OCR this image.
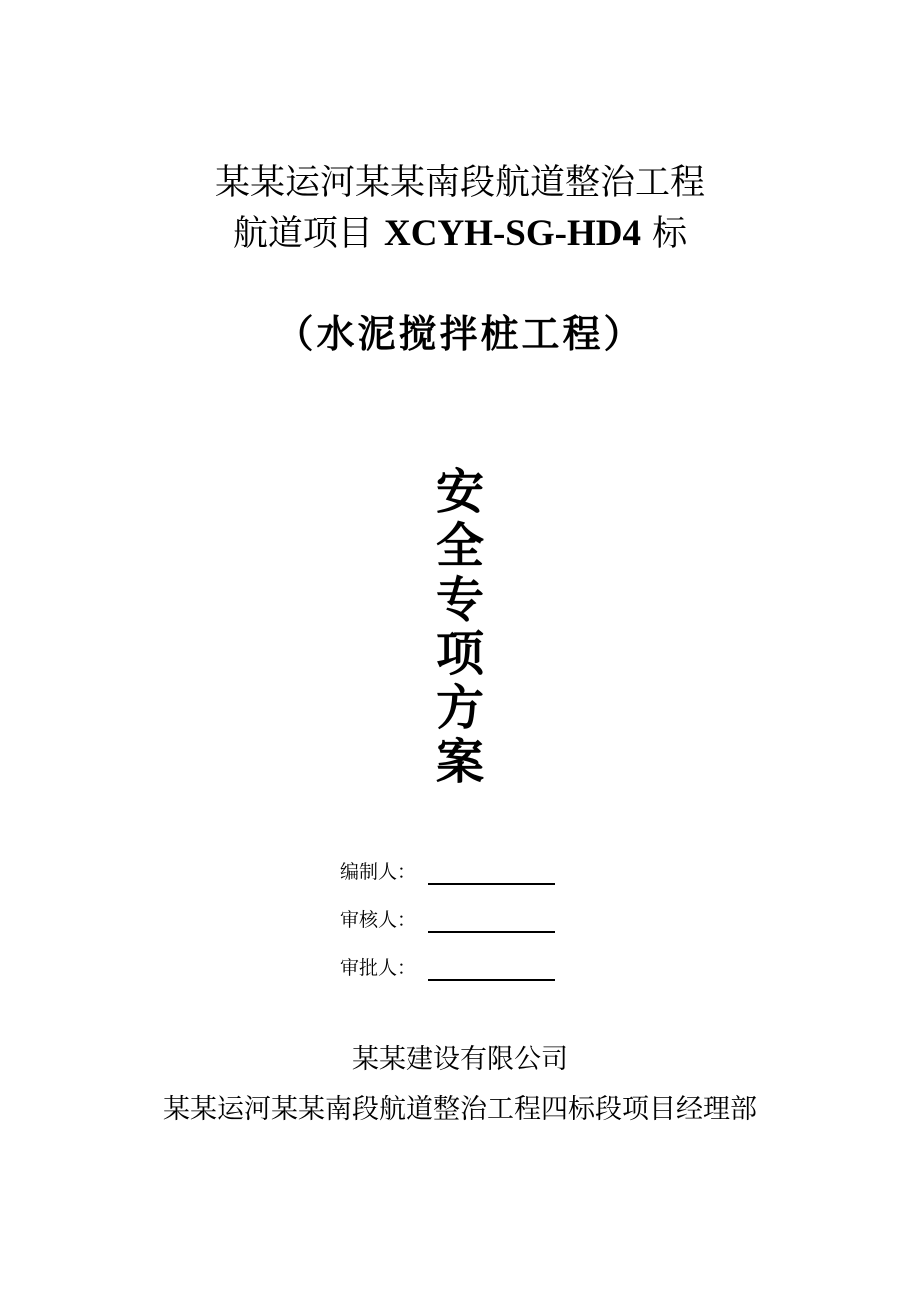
某某运河某某南段航道整治工程
航道项目 XCYH-SG-HD4 标
（水泥搅拌桩工程）
安
全
专
项
方
案
编制人：
审核人：
审批人：
某某建设有限公司
某某运河某某南段航道整治工程四标段项目经理部
